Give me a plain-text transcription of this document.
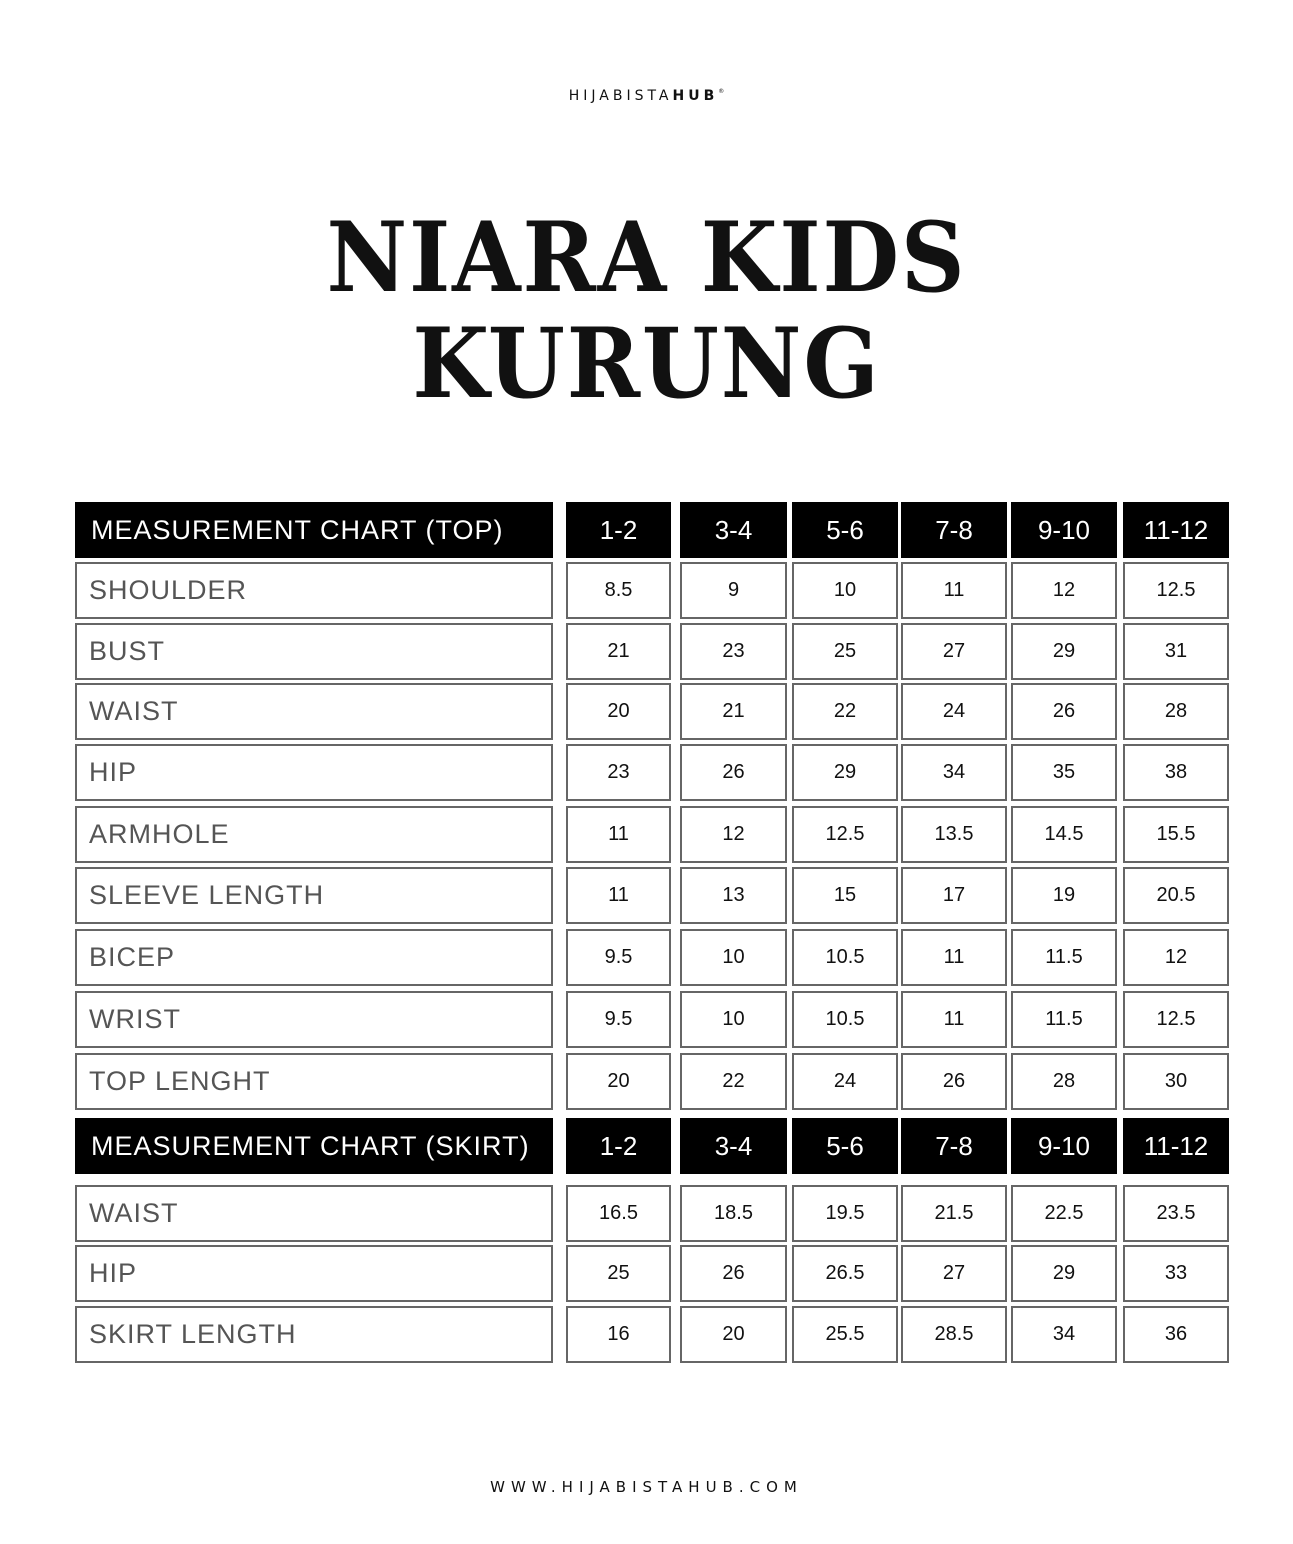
HIJABISTAHUB®
NIARA KIDS
KURUNG
MEASUREMENT CHART (TOP)	1-2	3-4	5-6	7-8	9-10	11-12
SHOULDER	8.5	9	10	11	12	12.5
BUST	21	23	25	27	29	31
WAIST	20	21	22	24	26	28
HIP	23	26	29	34	35	38
ARMHOLE	11	12	12.5	13.5	14.5	15.5
SLEEVE LENGTH	11	13	15	17	19	20.5
BICEP	9.5	10	10.5	11	11.5	12
WRIST	9.5	10	10.5	11	11.5	12.5
TOP LENGHT	20	22	24	26	28	30
MEASUREMENT CHART (SKIRT)	1-2	3-4	5-6	7-8	9-10	11-12
WAIST	16.5	18.5	19.5	21.5	22.5	23.5
HIP	25	26	26.5	27	29	33
SKIRT LENGTH	16	20	25.5	28.5	34	36
WWW.HIJABISTAHUB.COM
